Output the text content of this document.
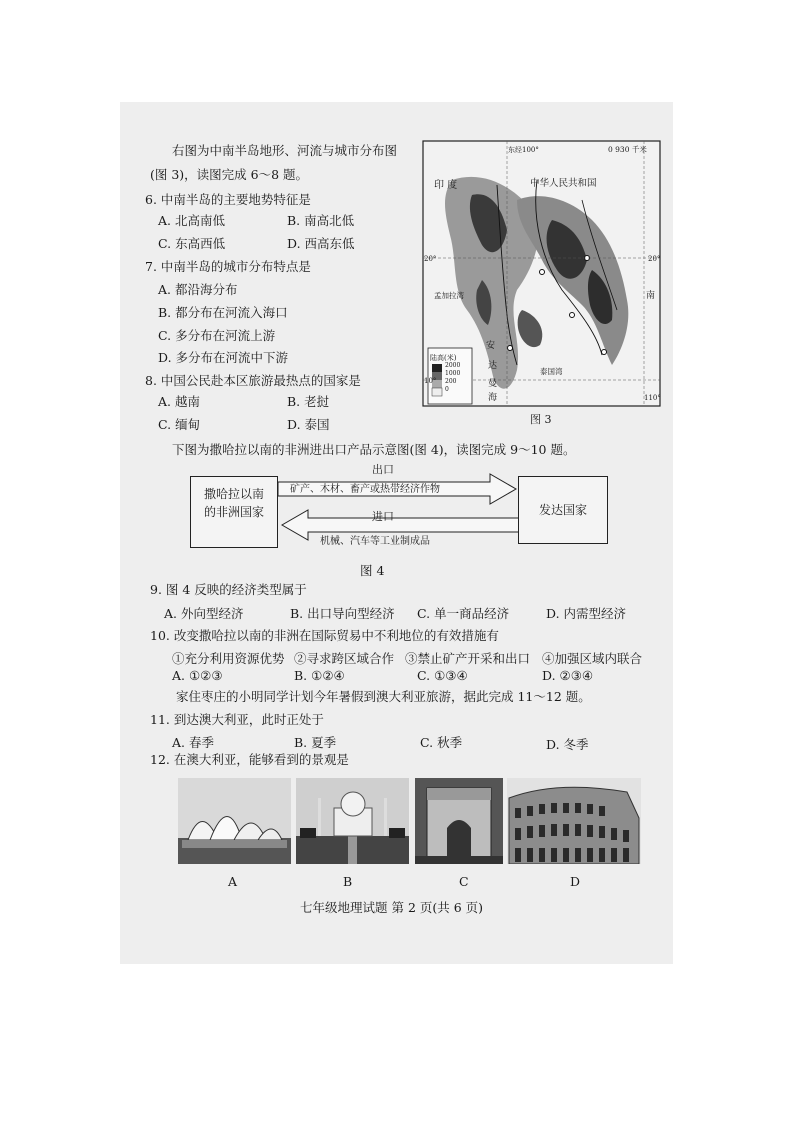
右图为中南半岛地形、河流与城市分布图
(图 3)，读图完成 6～8 题。
6. 中南半岛的主要地势特征是
A. 北高南低	B. 南高北低
C. 东高西低	D. 西高东低
7. 中南半岛的城市分布特点是
A. 都沿海分布
B. 都分布在河流入海口
C. 多分布在河流上游
D. 多分布在河流中下游
8. 中国公民赴本区旅游最热点的国家是
A. 越南	B. 老挝
C. 缅甸	D. 泰国
东经100°	0 930 千米
印 度	中华人民共和国
20°	20°
10°
110°
孟加拉湾
泰国湾
安
达
曼
海
南
陆高(米)
2000
1000
200
0
图 3
下图为撒哈拉以南的非洲进出口产品示意图(图 4)，读图完成 9～10 题。
撒哈拉以南
的非洲国家	发达国家
出口
矿产、木材、畜产或热带经济作物
进口
机械、汽车等工业制成品
图 4
9. 图 4 反映的经济类型属于
A. 外向型经济	B. 出口导向型经济 C. 单一商品经济	D. 内需型经济
10. 改变撒哈拉以南的非洲在国际贸易中不利地位的有效措施有
①充分利用资源优势 ②寻求跨区域合作 ③禁止矿产开采和出口 ④加强区域内联合
A. ①②③	B. ①②④	C. ①③④	D. ②③④
家住枣庄的小明同学计划今年暑假到澳大利亚旅游，据此完成 11～12 题。
11. 到达澳大利亚，此时正处于
A. 春季	B. 夏季	C. 秋季	D. 冬季
12. 在澳大利亚，能够看到的景观是
A	B	C	D
七年级地理试题 第 2 页(共 6 页)
